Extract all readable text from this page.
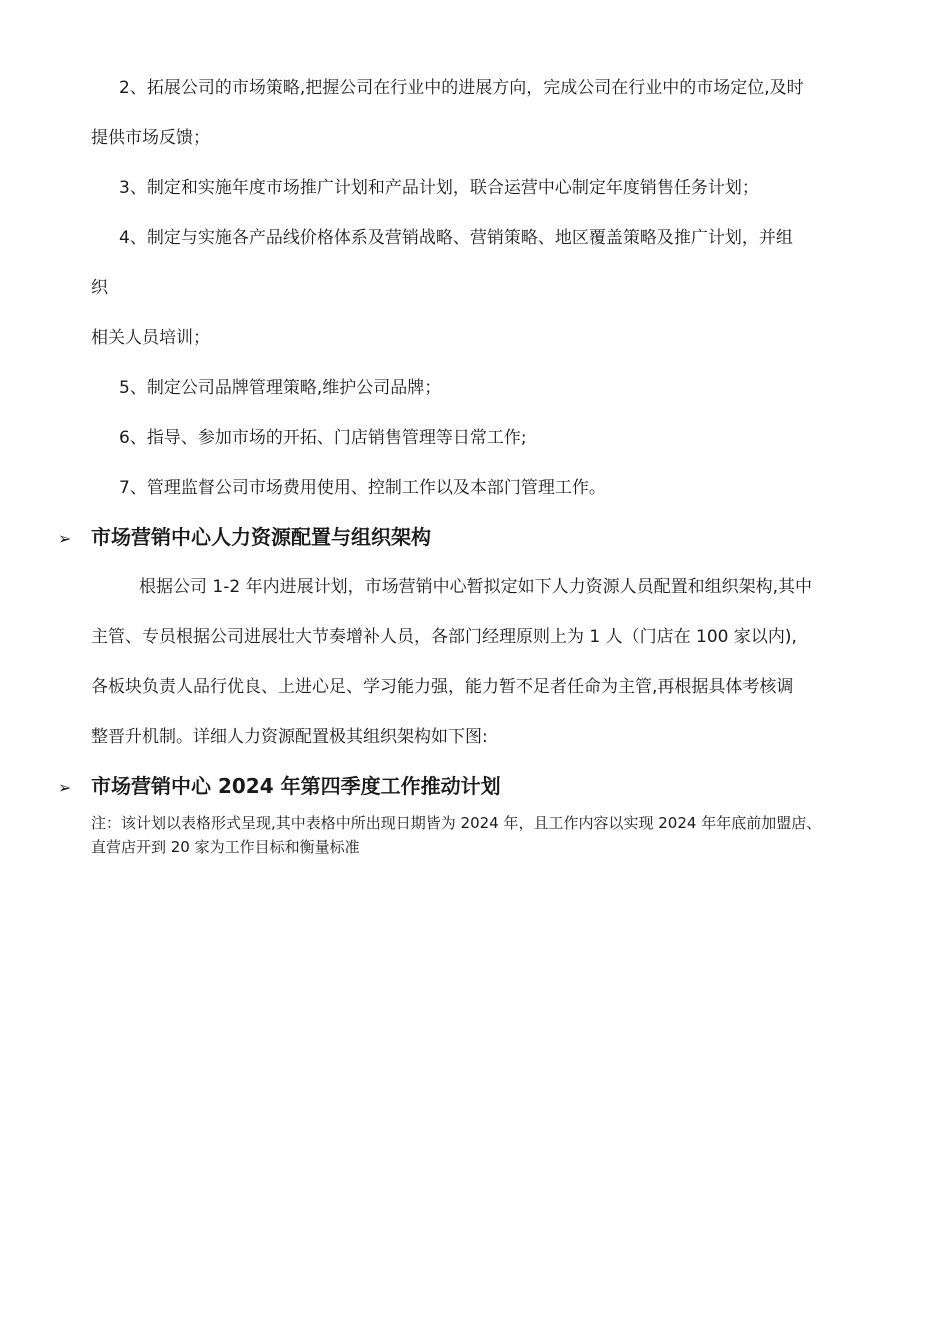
2、拓展公司的市场策略,把握公司在行业中的进展方向，完成公司在行业中的市场定位,及时
提供市场反馈；
3、制定和实施年度市场推广计划和产品计划，联合运营中心制定年度销售任务计划；
4、制定与实施各产品线价格体系及营销战略、营销策略、地区覆盖策略及推广计划，并组
织
相关人员培训；
5、制定公司品牌管理策略,维护公司品牌；
6、指导、参加市场的开拓、门店销售管理等日常工作;
7、管理监督公司市场费用使用、控制工作以及本部门管理工作。
➢ 市场营销中心人力资源配置与组织架构
根据公司 1-2 年内进展计划，市场营销中心暂拟定如下人力资源人员配置和组织架构,其中
主管、专员根据公司进展壮大节奏增补人员，各部门经理原则上为 1 人（门店在 100 家以内),
各板块负责人品行优良、上进心足、学习能力强，能力暂不足者任命为主管,再根据具体考核调
整晋升机制。详细人力资源配置极其组织架构如下图:
➢ 市场营销中心 2024 年第四季度工作推动计划
注：该计划以表格形式呈现,其中表格中所出现日期皆为 2024 年，且工作内容以实现 2024 年年底前加盟店、
直营店开到 20 家为工作目标和衡量标准
